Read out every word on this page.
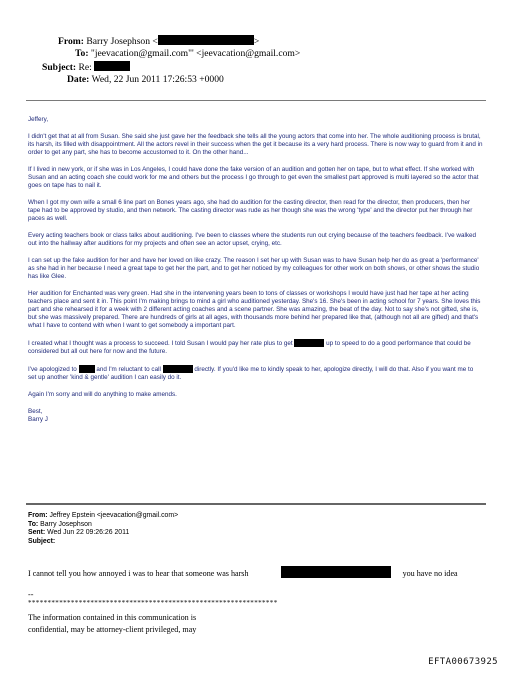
From: Barry Josephson <	>
To: "jeevacation@gmail.com"' <jeevacation@gmail.com>
Subject: Re:
Date: Wed, 22 Jun 2011 17:26:53 +0000

Jeffery,

I didn't get that at all from Susan. She said she just gave her the feedback she tells all the young actors that come into her. The whole auditioning process is brutal, its harsh, its filled with disappointment. All the actors revel in their success when the get it because its a very hard process. There is now way to guard from it and in order to get any part, she has to become accustomed to it. On the other hand...

If I lived in new york, or if she was in Los Angeles, I could have done the fake version of an audition and gotten her on tape, but to what effect. If she worked with Susan and an acting coach she could work for me and others but the process I go through to get even the smallest part approved is multi layered so the actor that goes on tape has to nail it.

When I got my own wife a small 6 line part on Bones years ago, she had do audition for the casting director, then read for the director, then producers, then her tape had to be approved by studio, and then network. The casting director was rude as her though she was the wrong 'type' and the director put her through her paces as well.

Every acting teachers book or class talks about auditioning. I've been to classes where the students run out crying because of the teachers feedback. I've walked out into the hallway after auditions for my projects and often see an actor upset, crying, etc.

I can set up the fake audition for her and have her loved on like crazy. The reason I set her up with Susan was to have Susan help her do as great a 'performance' as she had in her because I need a great tape to get her the part, and to get her noticed by my colleagues for other work on both shows, or other shows the studio has like Glee.

Her audition for Enchanted was very green. Had she in the intervening years been to tons of classes or workshops I would have just had her tape at her acting teachers place and sent it in. This point I'm making brings to mind a girl who auditioned yesterday. She's 16. She's been in acting school for 7 years. She loves this part and she rehearsed it for a week with 2 different acting coaches and a scene partner. She was amazing, the beat of the day. Not to say she's not gifted, she is, but she was massively prepared. There are hundreds of girls at all ages, with thousands more behind her prepared like that, (although not all are gifted) and that's what I have to contend with when I want to get somebody a important part.

I created what I thought was a process to succeed. I told Susan I would pay her rate plus to get	up to speed to do a good performance that could be considered but all out here for now and the future.

I've apologized to	and I'm reluctant to call	directly. If you'd like me to kindly speak to her, apologize directly, I will do that. Also if you want me to set up another 'kind & gentle' audition I can easily do it.

Again I'm sorry and will do anything to make amends.

Best,

Barry J

From: Jeffrey Epstein <jeevacation@gmail.com>
To: Barry Josephson
Sent: Wed Jun 22 09:26:26 2011
Subject:
I cannot tell you how annoyed i was to hear that someone was harsh	you have no idea
--
****************************************************************
The information contained in this communication is
confidential, may be attorney-client privileged, may
EFTA00673925
